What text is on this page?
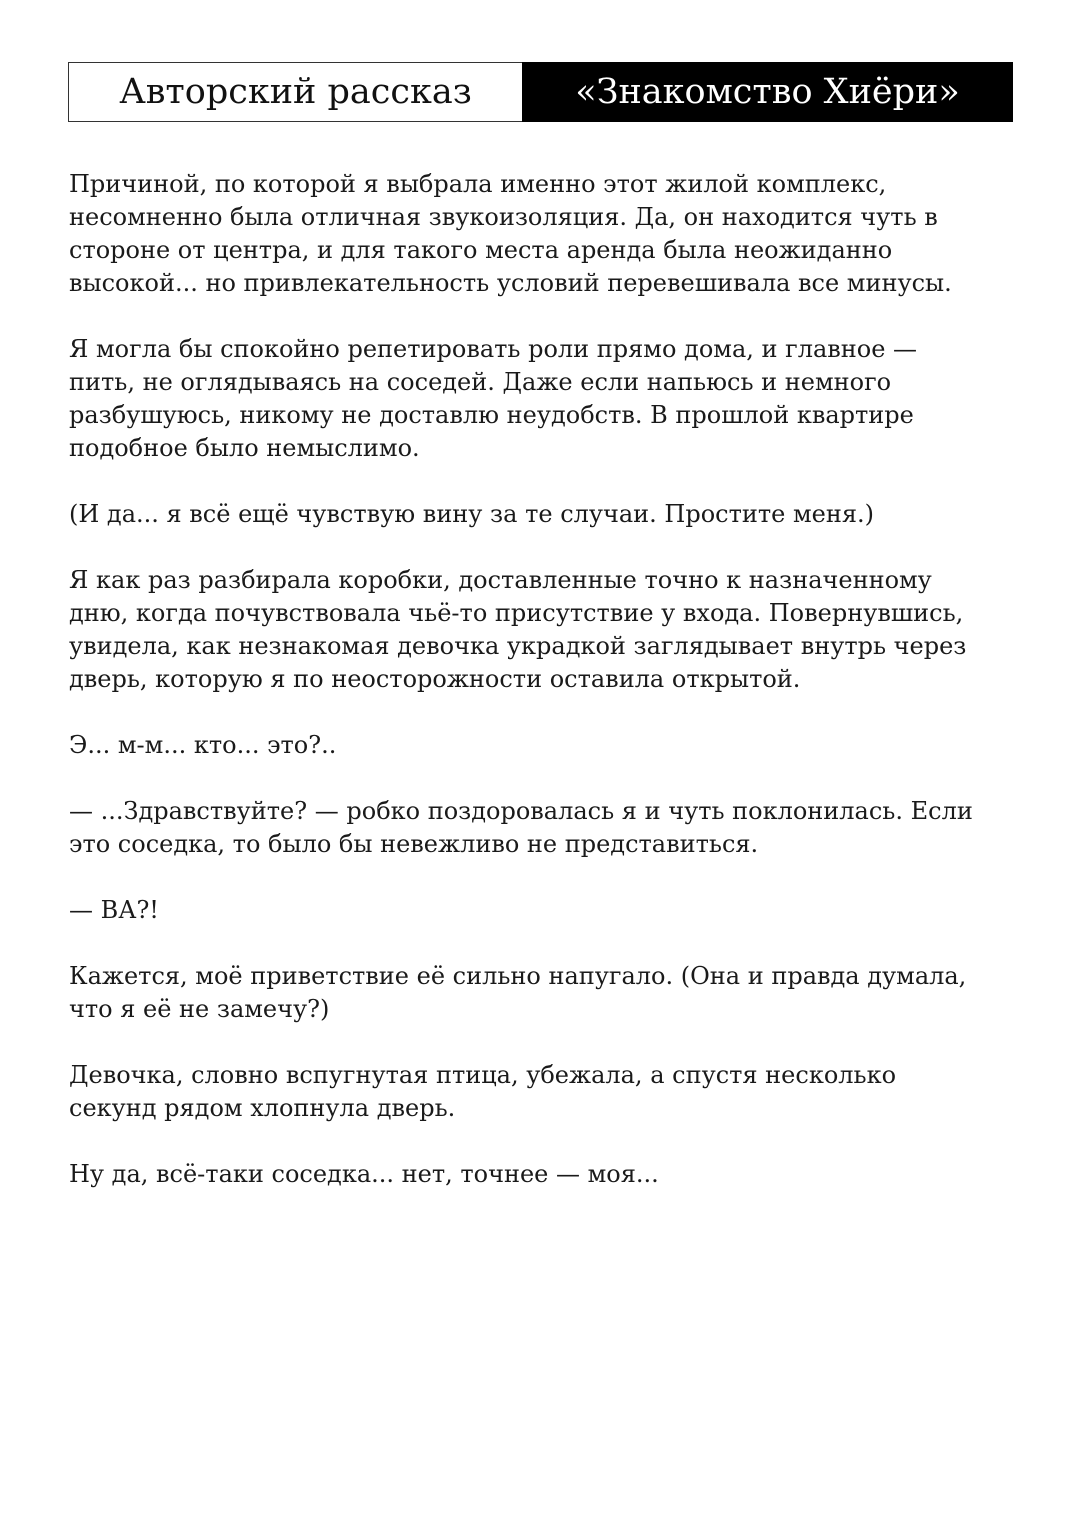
Авторский рассказ	«Знакомство Хиёри»

Причиной, по которой я выбрала именно этот жилой комплекс,
несомненно была отличная звукоизоляция. Да, он находится чуть в
стороне от центра, и для такого места аренда была неожиданно
высокой... но привлекательность условий перевешивала все минусы.

Я могла бы спокойно репетировать роли прямо дома, и главное —
пить, не оглядываясь на соседей. Даже если напьюсь и немного
разбушуюсь, никому не доставлю неудобств. В прошлой квартире
подобное было немыслимо.

(И да... я всё ещё чувствую вину за те случаи. Простите меня.)

Я как раз разбирала коробки, доставленные точно к назначенному
дню, когда почувствовала чьё-то присутствие у входа. Повернувшись,
увидела, как незнакомая девочка украдкой заглядывает внутрь через
дверь, которую я по неосторожности оставила открытой.

Э... м-м... кто... это?..

— ...Здравствуйте? — робко поздоровалась я и чуть поклонилась. Если
это соседка, то было бы невежливо не представиться.

— ВА?!

Кажется, моё приветствие её сильно напугало. (Она и правда думала,
что я её не замечу?)

Девочка, словно вспугнутая птица, убежала, а спустя несколько
секунд рядом хлопнула дверь.

Ну да, всё-таки соседка... нет, точнее — моя...
